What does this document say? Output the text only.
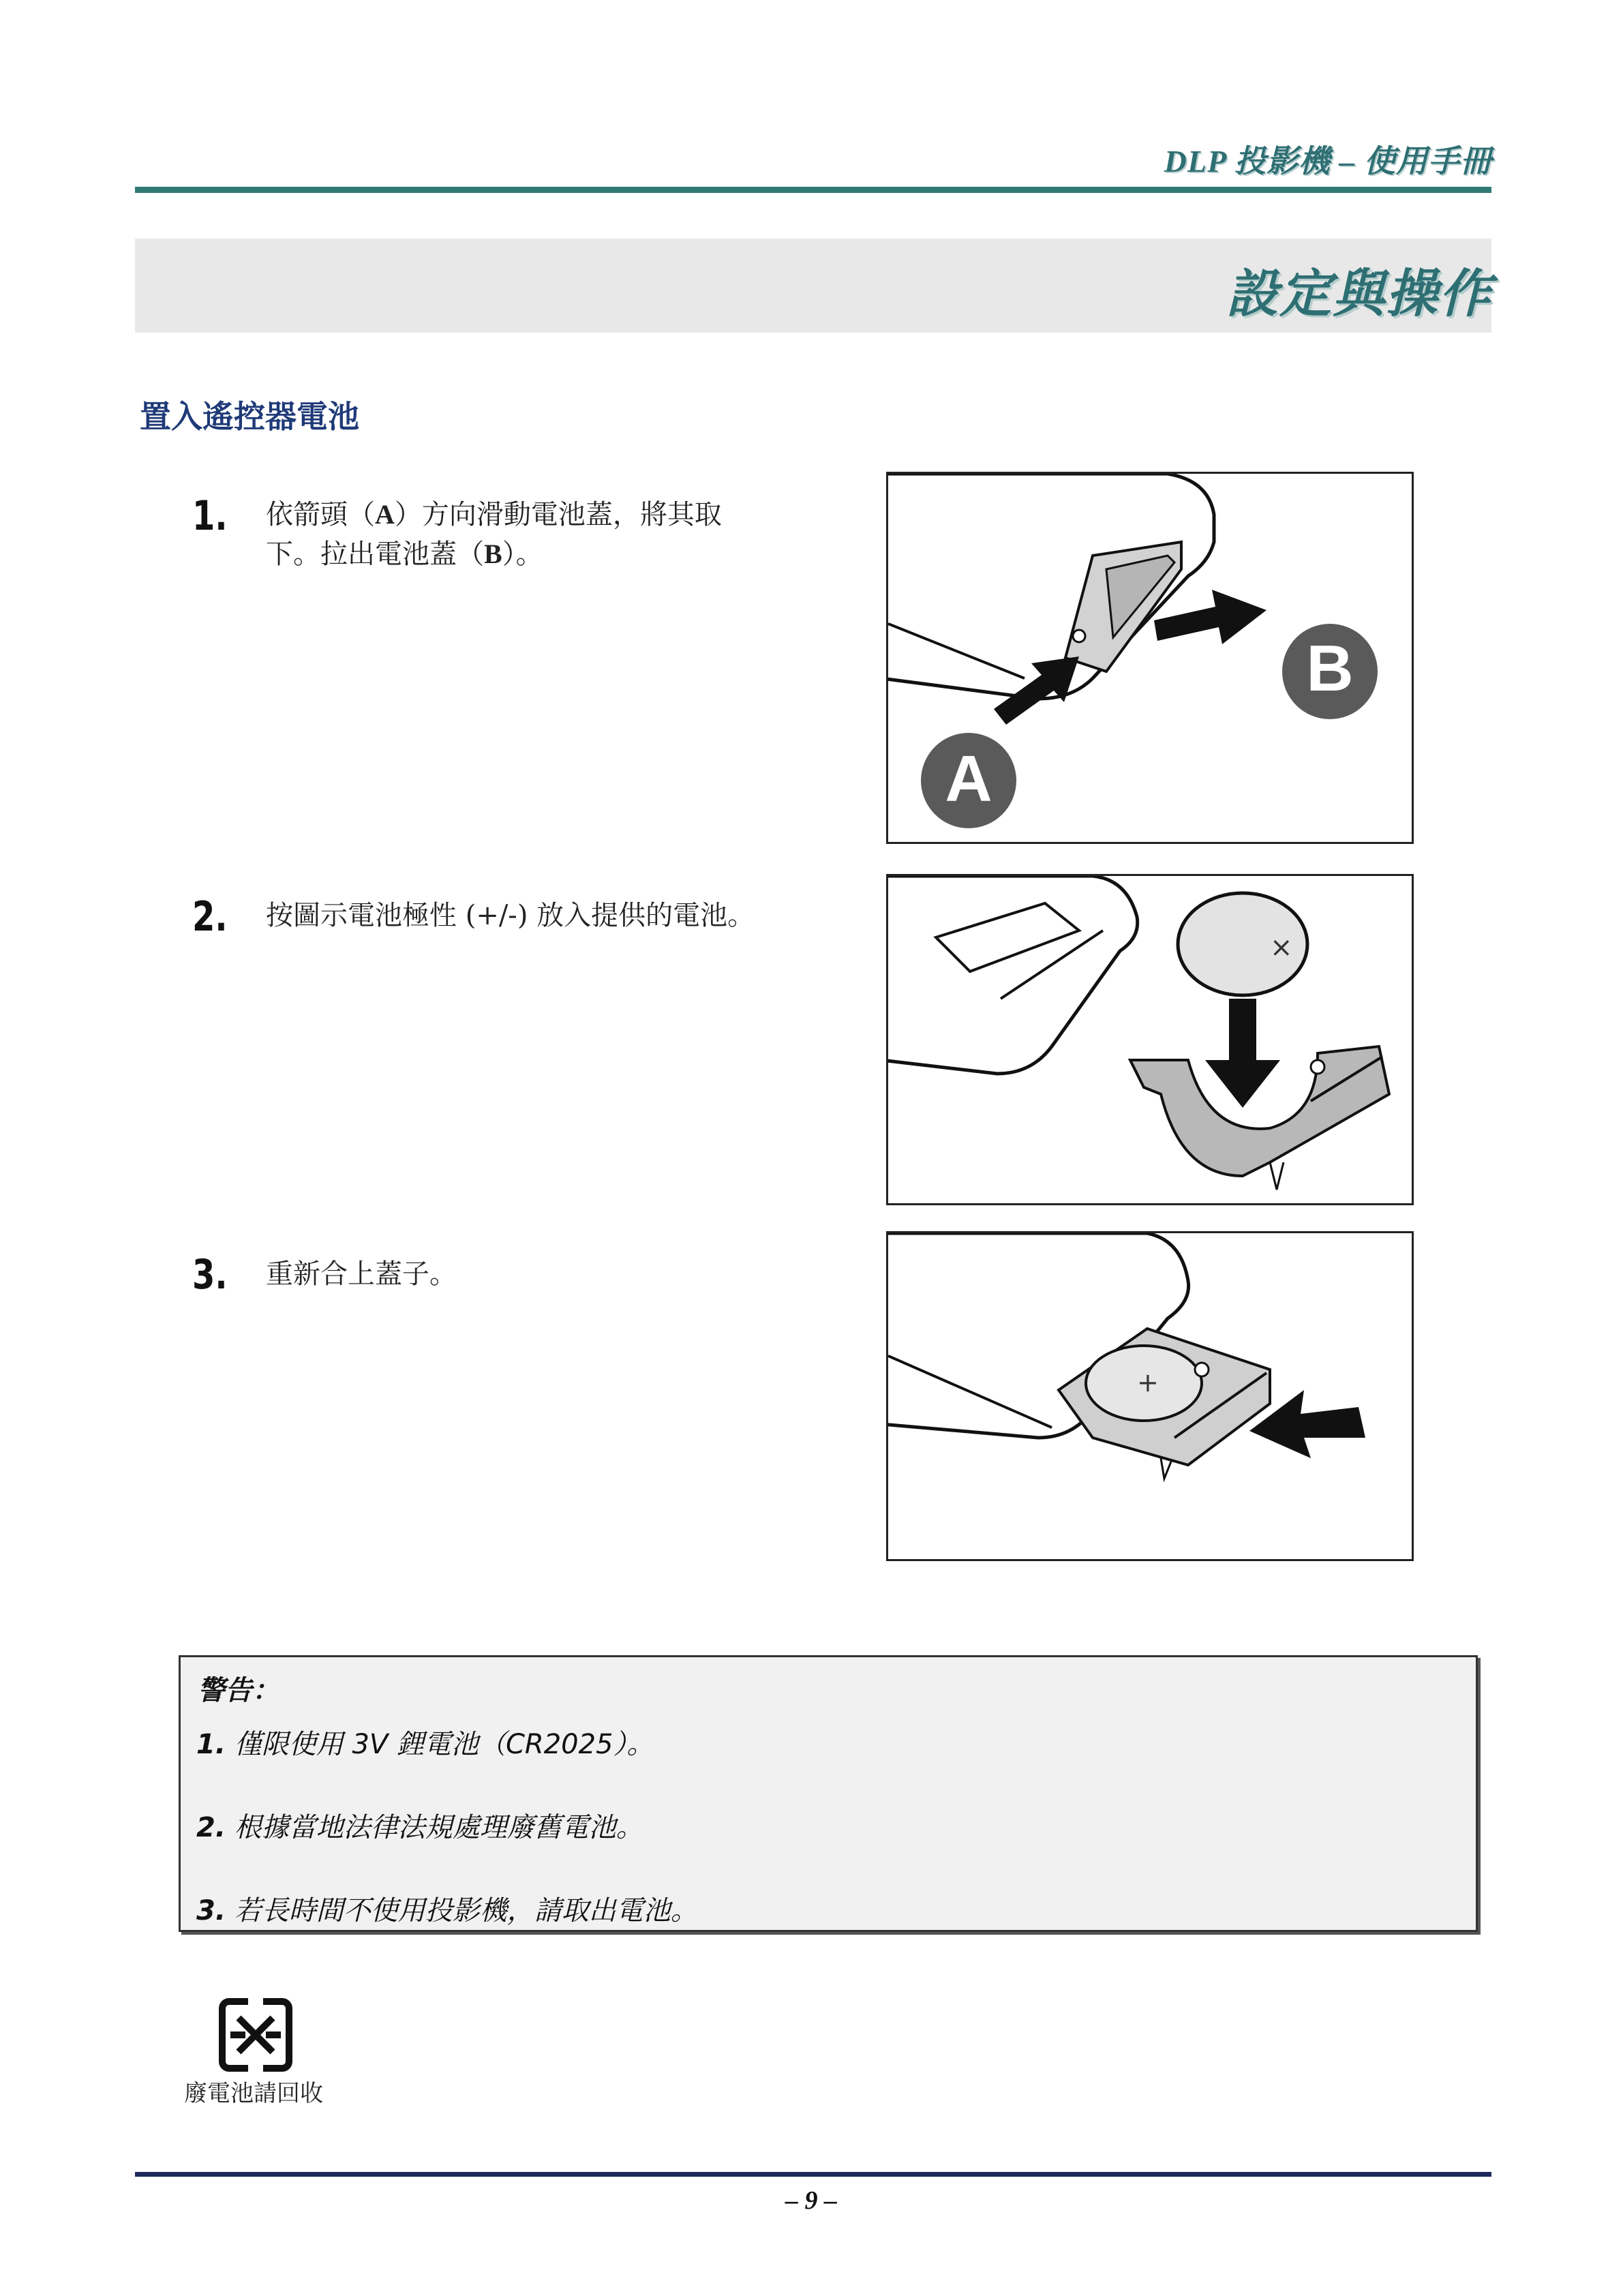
DLP 投影機 – 使用手冊
設定與操作
置入遙控器電池
1. 依箭頭（A）方向滑動電池蓋，將其取
下。拉出電池蓋（B）。
B
A
2. 按圖示電池極性 (+/-) 放入提供的電池。
×
3. 重新合上蓋子。
+
警告：
1. 僅限使用 3V 鋰電池（CR2025）。
2. 根據當地法律法規處理廢舊電池。
3. 若長時間不使用投影機，請取出電池。
廢電池請回收
– 9 –
